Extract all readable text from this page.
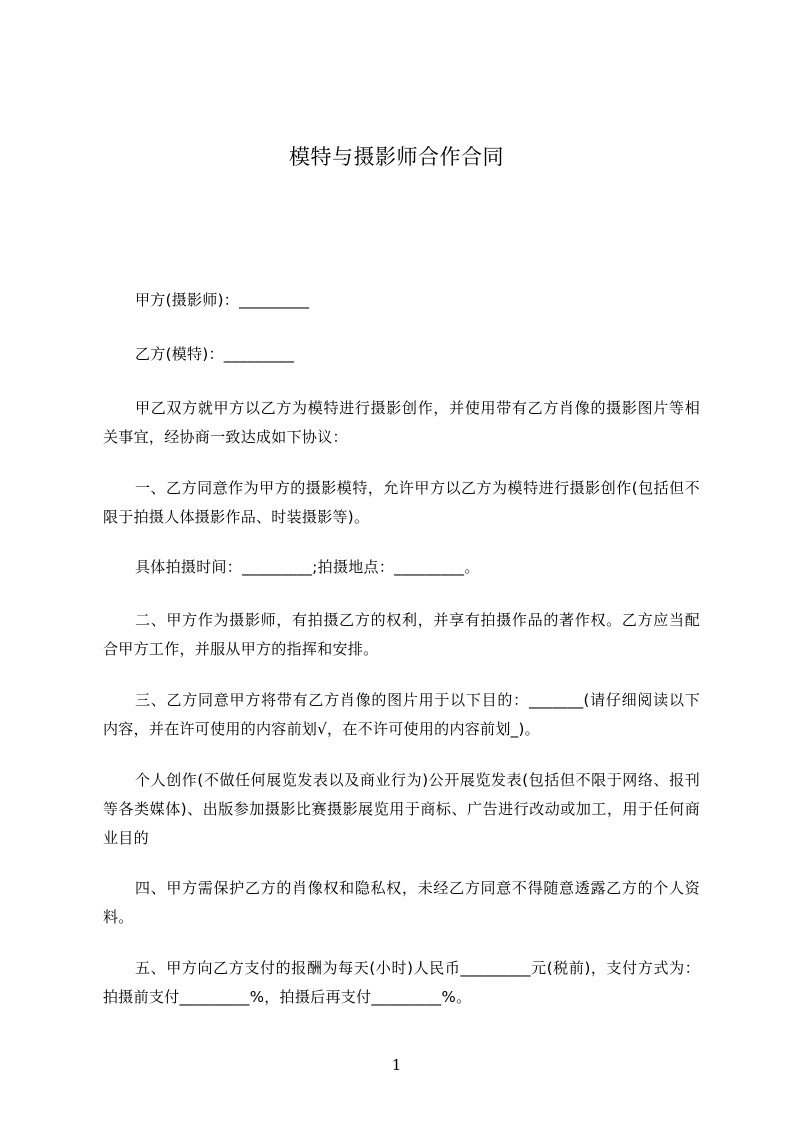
模特与摄影师合作合同

甲方(摄影师)：_________

乙方(模特)：_________

甲乙双方就甲方以乙方为模特进行摄影创作，并使用带有乙方肖像的摄影图片等相关事宜，经协商一致达成如下协议：

一、乙方同意作为甲方的摄影模特，允许甲方以乙方为模特进行摄影创作(包括但不限于拍摄人体摄影作品、时装摄影等)。

具体拍摄时间：_________;拍摄地点：_________。

二、甲方作为摄影师，有拍摄乙方的权利，并享有拍摄作品的著作权。乙方应当配合甲方工作，并服从甲方的指挥和安排。

三、乙方同意甲方将带有乙方肖像的图片用于以下目的：_______(请仔细阅读以下内容，并在许可使用的内容前划√，在不许可使用的内容前划_)。

个人创作(不做任何展览发表以及商业行为)公开展览发表(包括但不限于网络、报刊等各类媒体)、出版参加摄影比赛摄影展览用于商标、广告进行改动或加工，用于任何商业目的

四、甲方需保护乙方的肖像权和隐私权，未经乙方同意不得随意透露乙方的个人资料。

五、甲方向乙方支付的报酬为每天(小时)人民币_________元(税前)，支付方式为：拍摄前支付_________%，拍摄后再支付_________%。

1
